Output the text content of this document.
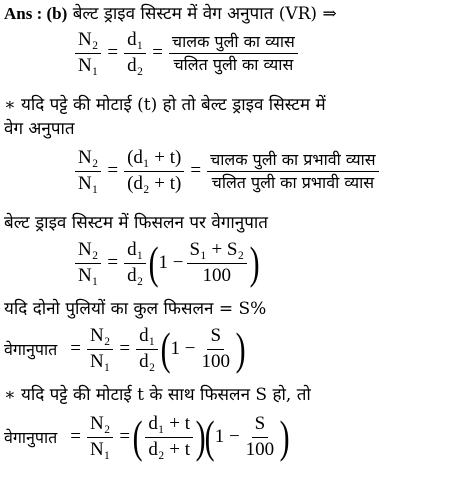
Ans : (b) बेल्ट ड्राइव सिस्टम में वेग अनुपात (VR) ⇒
$\frac{\text{N₂}}{\text{N₁}} = \frac{\text{d₁}}{\text{d₂}} = \frac{\text{चालक पुली का व्यास}}{\text{चलित पुली का व्यास}}$
∗ यदि पट्टे की मोटाई (t) हो तो बेल्ट ड्राइव सिस्टम में
वेग अनुपात
$\frac{\text{N₂}}{\text{N₁}} = \frac{\text{(d₁ + t)}}{\text{(d₂ + t)}} = \frac{\text{चालक पुली का प्रभावी व्यास}}{\text{चलित पुली का प्रभावी व्यास}}$
बेल्ट ड्राइव सिस्टम में फिसलन पर वेगानुपात
$\frac{\text{N₂}}{\text{N₁}} = \frac{\text{d₁}}{\text{d₂}}$ ( $1 - \frac{\text{S₁ + S₂}}{100}$ )
यदि दोनो पुलियों का कुल फिसलन = S%
वेगानुपात = $\frac{\text{N₂}}{\text{N₁}} = \frac{\text{d₁}}{\text{d₂}}$ ( $1 - \frac{S}{100}$ )
∗ यदि पट्टे की मोटाई t के साथ फिसलन S हो, तो
वेगानुपात = $\frac{\text{N₂}}{\text{N₁}}$ = ( $\frac{\text{d₁ + t}}{\text{d₂ + t}}$ ) ( $1 - \frac{S}{100}$ )
